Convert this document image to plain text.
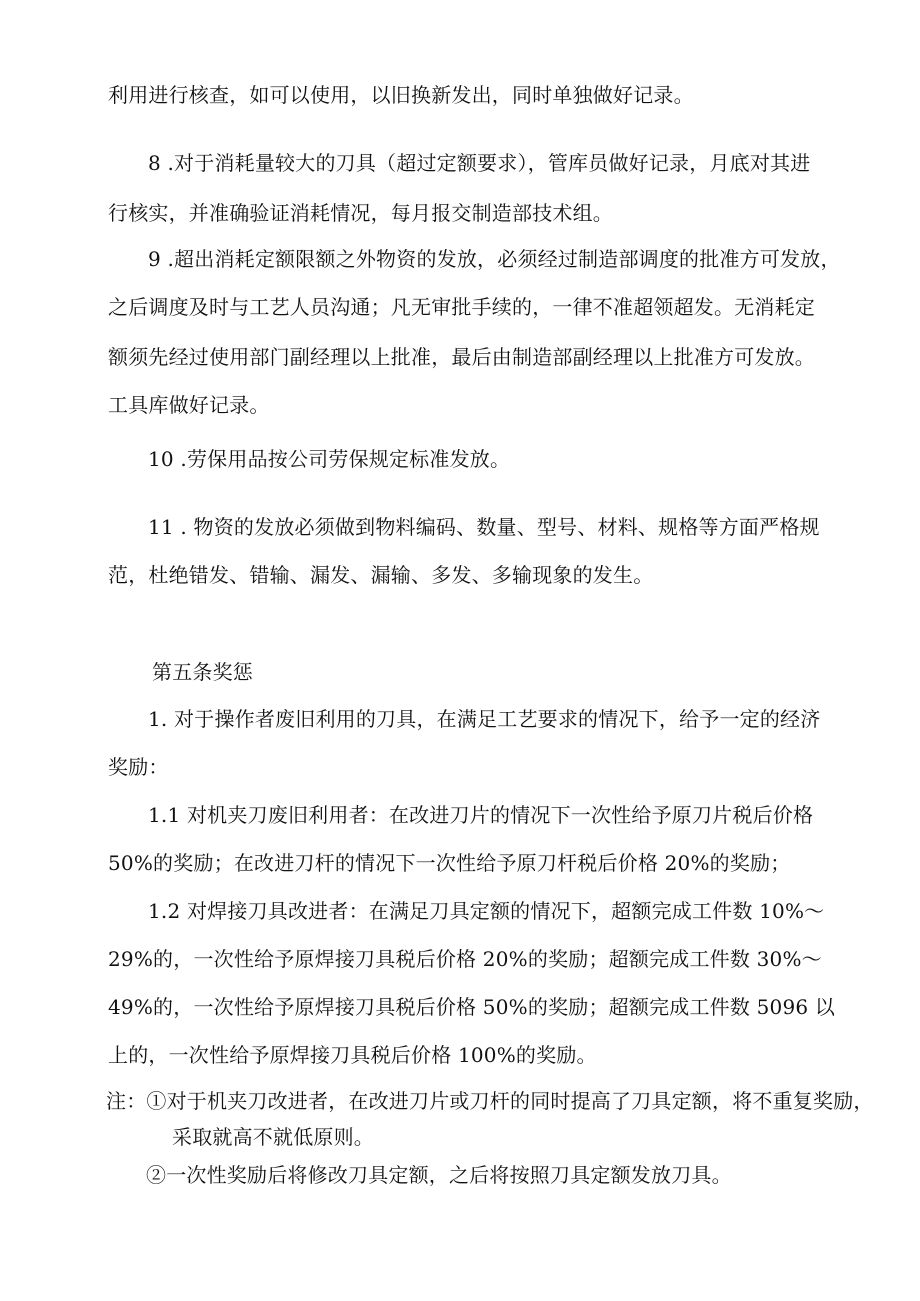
利用进行核查，如可以使用，以旧换新发出，同时单独做好记录。
8 .对于消耗量较大的刀具（超过定额要求），管库员做好记录，月底对其进
行核实，并准确验证消耗情况，每月报交制造部技术组。
9 .超出消耗定额限额之外物资的发放，必须经过制造部调度的批准方可发放，
之后调度及时与工艺人员沟通；凡无审批手续的，一律不准超领超发。无消耗定
额须先经过使用部门副经理以上批准，最后由制造部副经理以上批准方可发放。
工具库做好记录。
10 .劳保用品按公司劳保规定标准发放。
11 . 物资的发放必须做到物料编码、数量、型号、材料、规格等方面严格规
范，杜绝错发、错输、漏发、漏输、多发、多输现象的发生。
第五条奖惩
1. 对于操作者废旧利用的刀具，在满足工艺要求的情况下，给予一定的经济
奖励：
1.1 对机夹刀废旧利用者：在改进刀片的情况下一次性给予原刀片税后价格
50%的奖励；在改进刀杆的情况下一次性给予原刀杆税后价格 20%的奖励；
1.2 对焊接刀具改进者：在满足刀具定额的情况下，超额完成工件数 10%～
29%的，一次性给予原焊接刀具税后价格 20%的奖励；超额完成工件数 30%～
49%的，一次性给予原焊接刀具税后价格 50%的奖励；超额完成工件数 5096 以
上的，一次性给予原焊接刀具税后价格 100%的奖励。
注：①对于机夹刀改进者，在改进刀片或刀杆的同时提高了刀具定额，将不重复奖励，
采取就高不就低原则。
②一次性奖励后将修改刀具定额，之后将按照刀具定额发放刀具。
